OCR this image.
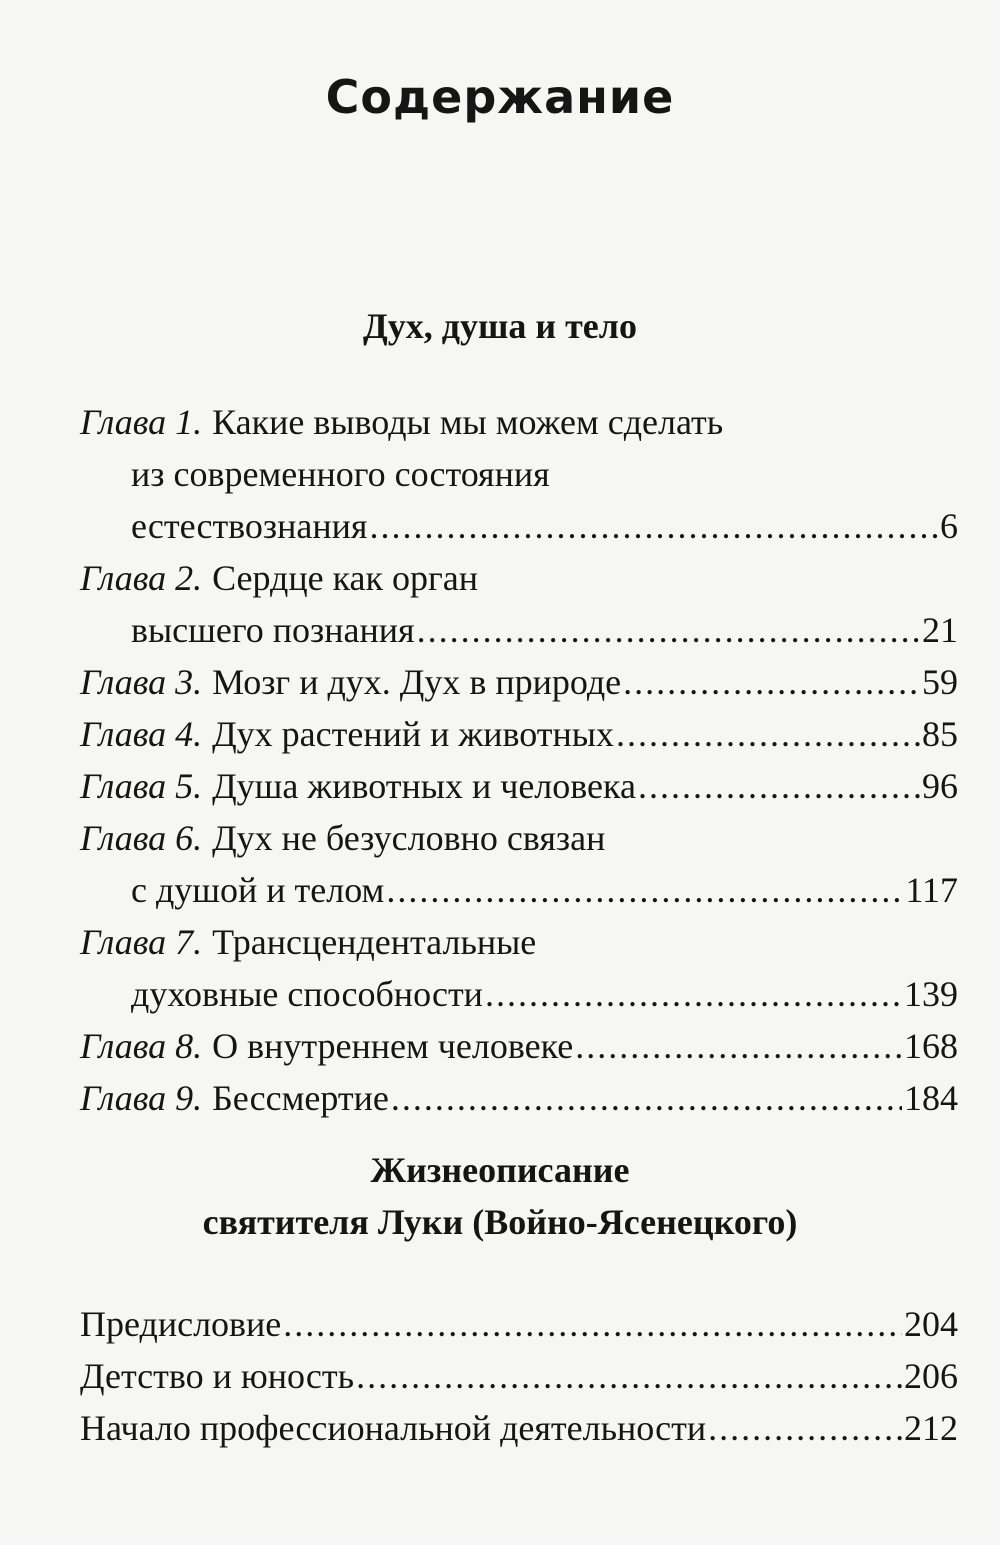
Содержание
Дух, душа и тело
Глава 1. Какие выводы мы можем сделать
из современного состояния
естествознания .....	6
Глава 2. Сердце как орган
высшего познания .....	21
Глава 3. Мозг и дух. Дух в природе .....	59
Глава 4. Дух растений и животных .....	85
Глава 5. Душа животных и человека .....	96
Глава 6. Дух не безусловно связан
с душой и телом .....	117
Глава 7. Трансцендентальные
духовные способности .....	139
Глава 8. О внутреннем человеке .....	168
Глава 9. Бессмертие .....	184
Жизнеописание
святителя Луки (Войно-Ясенецкого)
Предисловие .....	204
Детство и юность .....	206
Начало профессиональной деятельности .....	212
